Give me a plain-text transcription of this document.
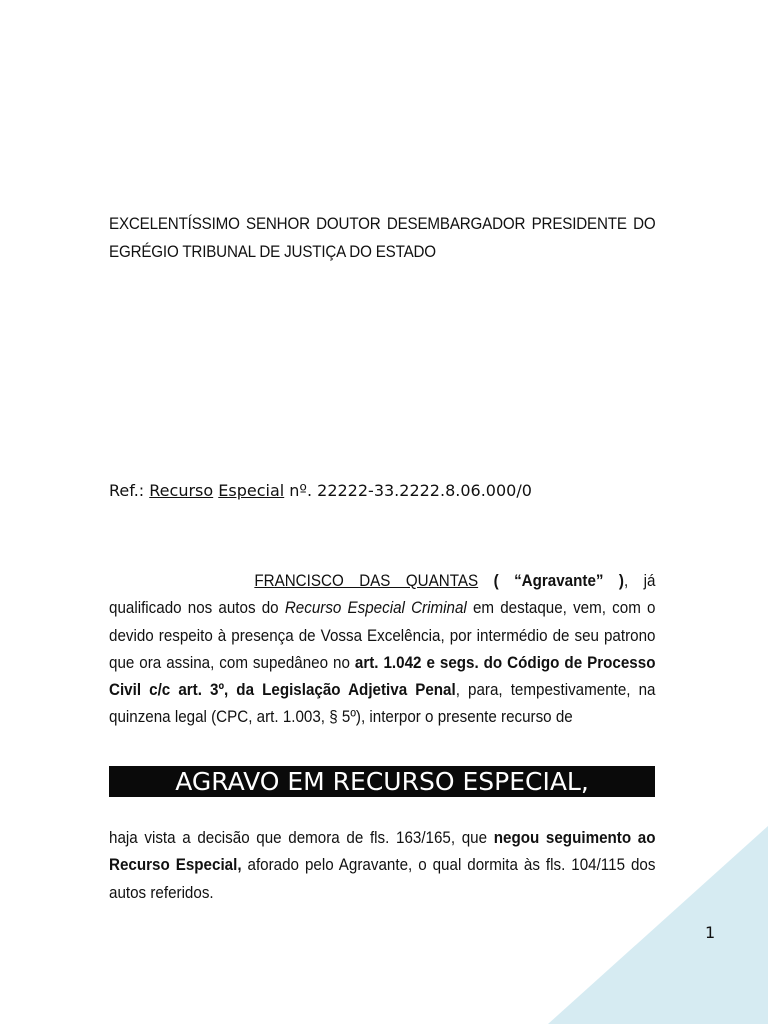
EXCELENTÍSSIMO SENHOR DOUTOR DESEMBARGADOR PRESIDENTE DO EGRÉGIO TRIBUNAL DE JUSTIÇA DO ESTADO
Ref.: Recurso Especial nº. 22222-33.2222.8.06.000/0
FRANCISCO DAS QUANTAS ( “Agravante” ), já qualificado nos autos do Recurso Especial Criminal em destaque, vem, com o devido respeito à presença de Vossa Excelência, por intermédio de seu patrono que ora assina, com supedâneo no art. 1.042 e segs. do Código de Processo Civil c/c art. 3º, da Legislação Adjetiva Penal, para, tempestivamente, na quinzena legal (CPC, art. 1.003, § 5º), interpor o presente recurso de
AGRAVO EM RECURSO ESPECIAL,
haja vista a decisão que demora de fls. 163/165, que negou seguimento ao Recurso Especial, aforado pelo Agravante, o qual dormita às fls. 104/115 dos autos referidos.
1
